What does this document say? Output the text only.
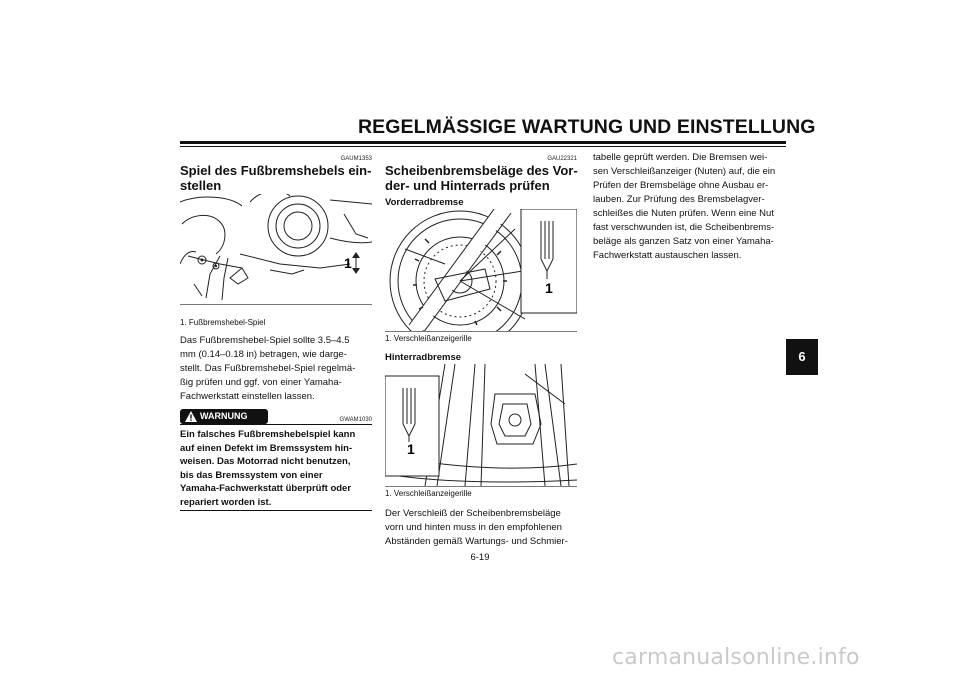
REGELMÄSSIGE WARTUNG UND EINSTELLUNG
GAUM1353
Spiel des Fußbremshebels ein-
stellen
1
1. Fußbremshebel-Spiel
Das Fußbremshebel-Spiel sollte 3.5–4.5
mm (0.14–0.18 in) betragen, wie darge-
stellt. Das Fußbremshebel-Spiel regelmä-
ßig prüfen und ggf. von einer Yamaha-
Fachwerkstatt einstellen lassen.
WARNUNG	GWAM1030
Ein falsches Fußbremshebelspiel kann
auf einen Defekt im Bremssystem hin-
weisen. Das Motorrad nicht benutzen,
bis das Bremssystem von einer
Yamaha-Fachwerkstatt überprüft oder
repariert worden ist.
GAU22321
Scheibenbremsbeläge des Vor-
der- und Hinterrads prüfen
Vorderradbremse
1
1. Verschleißanzeigerille
Hinterradbremse
1
1. Verschleißanzeigerille
Der Verschleiß der Scheibenbremsbeläge
vorn und hinten muss in den empfohlenen
Abständen gemäß Wartungs- und Schmier-
tabelle geprüft werden. Die Bremsen wei-
sen Verschleißanzeiger (Nuten) auf, die ein
Prüfen der Bremsbeläge ohne Ausbau er-
lauben. Zur Prüfung des Bremsbelagver-
schleißes die Nuten prüfen. Wenn eine Nut
fast verschwunden ist, die Scheibenbrems-
beläge als ganzen Satz von einer Yamaha-
Fachwerkstatt austauschen lassen.
6
6-19
carmanualsonline.info
